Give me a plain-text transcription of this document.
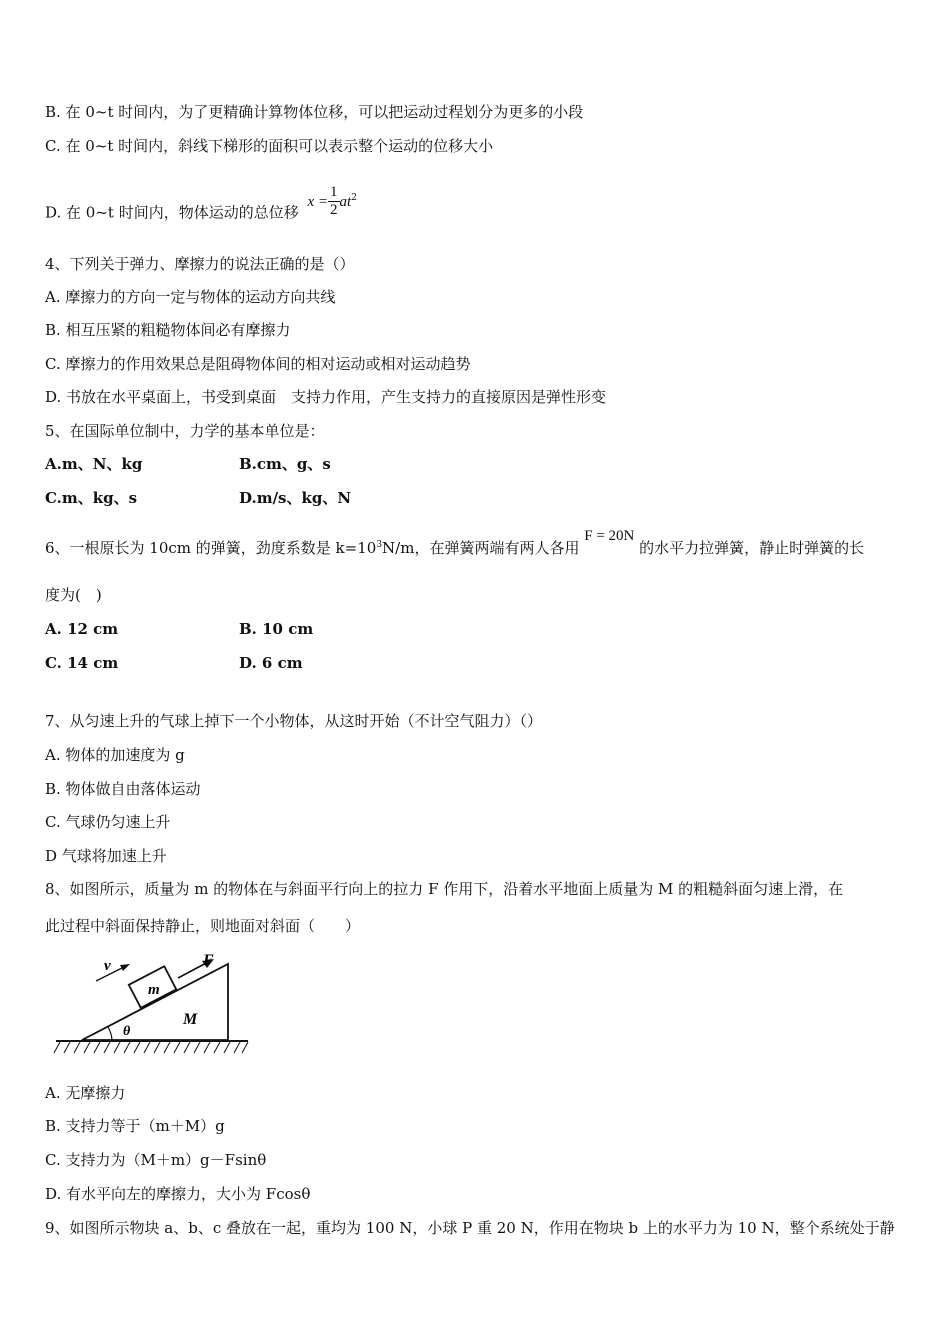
B. 在 0~t 时间内，为了更精确计算物体位移，可以把运动过程划分为更多的小段
C. 在 0~t 时间内，斜线下梯形的面积可以表示整个运动的位移大小
D. 在 0~t 时间内，物体运动的总位移 $x = \frac{1}{2} at^2$
4、下列关于弹力、摩擦力的说法正确的是（）
A. 摩擦力的方向一定与物体的运动方向共线
B. 相互压紧的粗糙物体间必有摩擦力
C. 摩擦力的作用效果总是阻碍物体间的相对运动或相对运动趋势
D. 书放在水平桌面上，书受到桌面　支持力作用，产生支持力的直接原因是弹性形变
5、在国际单位制中，力学的基本单位是：
A.m、N、kg	B.cm、g、s
C.m、kg、s	D.m/s、kg、N
6、一根原长为 10cm 的弹簧，劲度系数是 $k=10^3N/m$，在弹簧两端有两人各用 F = 20N 的水平力拉弹簧，静止时弹簧的长
度为(　)
A. 12 cm	B. 10 cm
C. 14 cm	D. 6 cm
7、从匀速上升的气球上掉下一个小物体，从这时开始（不计空气阻力）（）
A. 物体的加速度为 g
B. 物体做自由落体运动
C. 气球仍匀速上升
D 气球将加速上升
8、如图所示，质量为 m 的物体在与斜面平行向上的拉力 F 作用下，沿着水平地面上质量为 M 的粗糙斜面匀速上滑，在
此过程中斜面保持静止，则地面对斜面（　　）
v	F
m
M
θ
A. 无摩擦力
B. 支持力等于（m＋M）g
C. 支持力为（M＋m）g－Fsinθ
D. 有水平向左的摩擦力，大小为 Fcosθ
9、如图所示物块 a、b、c 叠放在一起，重均为 100 N，小球 P 重 20 N，作用在物块 b 上的水平力为 10 N，整个系统处于静
